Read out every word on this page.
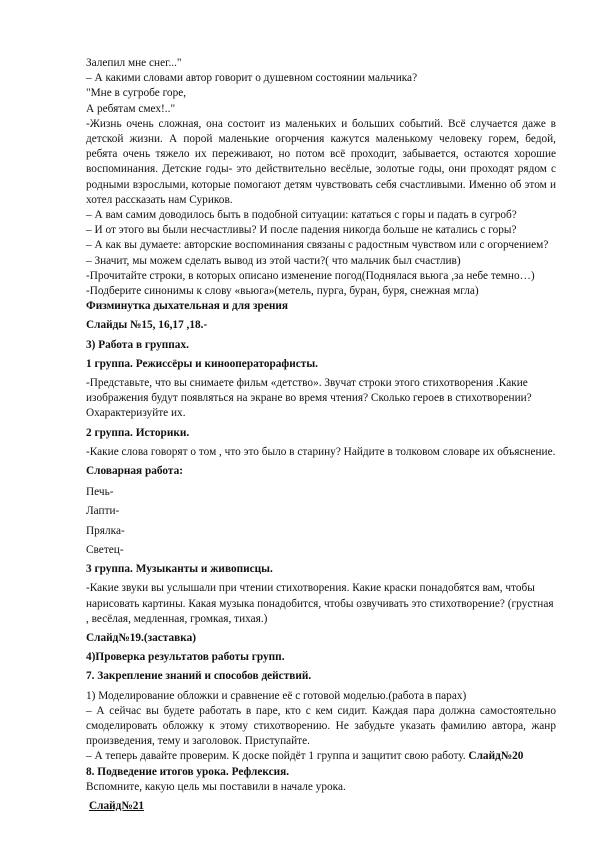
Залепил мне снег..."

– А какими словами автор говорит о душевном состоянии мальчика?

"Мне в сугробе горе,

А ребятам смех!.."

-Жизнь очень сложная, она состоит из маленьких и больших событий. Всё случается даже в детской жизни. А порой маленькие огорчения кажутся маленькому человеку горем, бедой, ребята очень тяжело их переживают, но потом всё проходит, забывается, остаются хорошие воспоминания. Детские годы- это действительно весёлые, золотые годы, они проходят рядом с родными взрослыми, которые помогают детям чувствовать себя счастливыми. Именно об этом и хотел рассказать нам Суриков.

– А вам самим доводилось быть в подобной ситуации: кататься с горы и падать в сугроб?

– И от этого вы были несчастливы? И после падения никогда больше не катались с горы?

– А как вы думаете: авторские воспоминания связаны с радостным чувством или с огорчением?

– Значит, мы можем сделать вывод из этой части?( что мальчик был счастлив)

-Прочитайте строки, в которых описано изменение погод(Поднялася вьюга ,за небе темно…)

-Подберите синонимы к слову «вьюга»(метель, пурга, буран, буря, снежная мгла)

Физминутка дыхательная и для зрения

Слайды №15, 16,17 ,18.-

3) Работа в группах.

1 группа. Режиссёры и кинооператорафисты.

-Представьте, что вы снимаете фильм «детство». Звучат строки этого стихотворения .Какие изображения будут появляться на экране во время чтения? Сколько героев в стихотворении? Охарактеризуйте их.

2 группа. Историки.

-Какие слова говорят о том , что это было в старину? Найдите в толковом словаре их объяснение.

Словарная работа:

Печь-

Лапти-

Прялка-

Светец-

3 группа. Музыканты и живописцы.

-Какие звуки вы услышали при чтении стихотворения. Какие краски понадобятся вам, чтобы нарисовать картины. Какая музыка понадобится, чтобы озвучивать это стихотворение? (грустная , весёлая, медленная, громкая, тихая.)

Слайд№19.(заставка)

4)Проверка результатов работы групп.

7. Закрепление знаний и способов действий.

1) Моделирование обложки и сравнение её с готовой моделью.(работа в парах)

– А сейчас вы будете работать в паре, кто с кем сидит. Каждая пара должна самостоятельно смоделировать обложку к этому стихотворению. Не забудьте указать фамилию автора, жанр произведения, тему и заголовок. Приступайте.

– А теперь давайте проверим. К доске пойдёт 1 группа и защитит свою работу. Слайд№20

8. Подведение итогов урока. Рефлексия.

Вспомните, какую цель мы поставили в начале урока.

Слайд№21
